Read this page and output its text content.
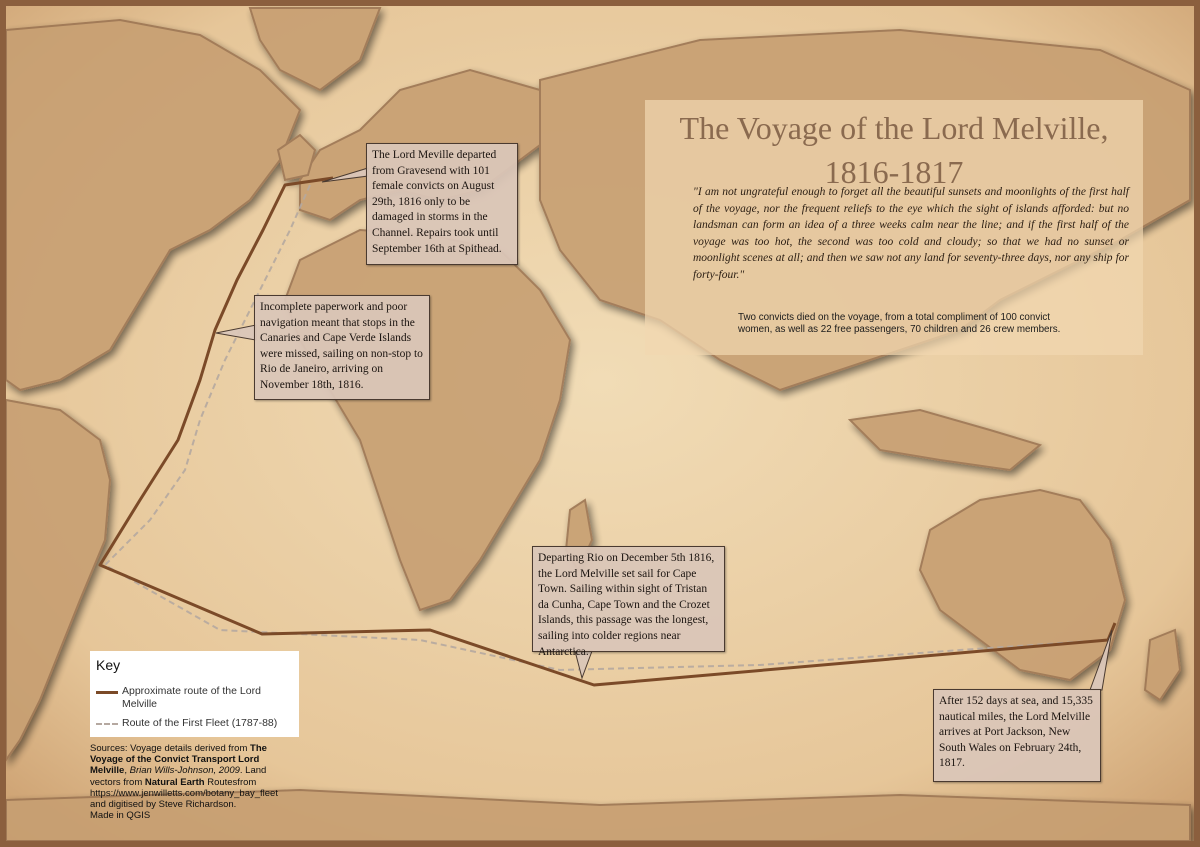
The Voyage of the Lord Melville,
1816-1817
"I am not ungrateful enough to forget all the beautiful sunsets and moonlights of the first half of the voyage, nor the frequent reliefs to the eye which the sight of islands afforded: but no landsman can form an idea of a three weeks calm near the line; and if the first half of the voyage was too hot, the second was too cold and cloudy; so that we had no sunset or moonlight scenes at all; and then we saw not any land for seventy-three days, nor any ship for forty-four."
Two convicts died on the voyage, from a total compliment of 100 convict women, as well as 22 free passengers, 70 children and 26 crew members.
The Lord Meville departed from Gravesend with 101 female convicts on August 29th, 1816 only to be damaged in storms in the Channel. Repairs took until September 16th at Spithead.
Incomplete paperwork and poor navigation meant that stops in the Canaries and Cape Verde Islands were missed, sailing on non-stop to Rio de Janeiro, arriving on November 18th, 1816.
Departing Rio on December 5th 1816, the Lord Melville set sail for Cape Town. Sailing within sight of Tristan da Cunha, Cape Town and the Crozet Islands, this passage was the longest, sailing into colder regions near Antarctica.
After 152 days at sea, and 15,335 nautical miles, the Lord Melville arrives at Port Jackson, New South Wales on February 24th, 1817.
Key
Approximate route of the Lord Melville
Route of the First Fleet (1787-88)
Sources: Voyage details derived from The Voyage of the Convict Transport Lord Melville, Brian Wills-Johnson, 2009. Land vectors from Natural Earth Routesfrom
https://www.jenwilletts.com/botany_bay_fleet
and digitised by Steve Richardson.
Made in QGIS
